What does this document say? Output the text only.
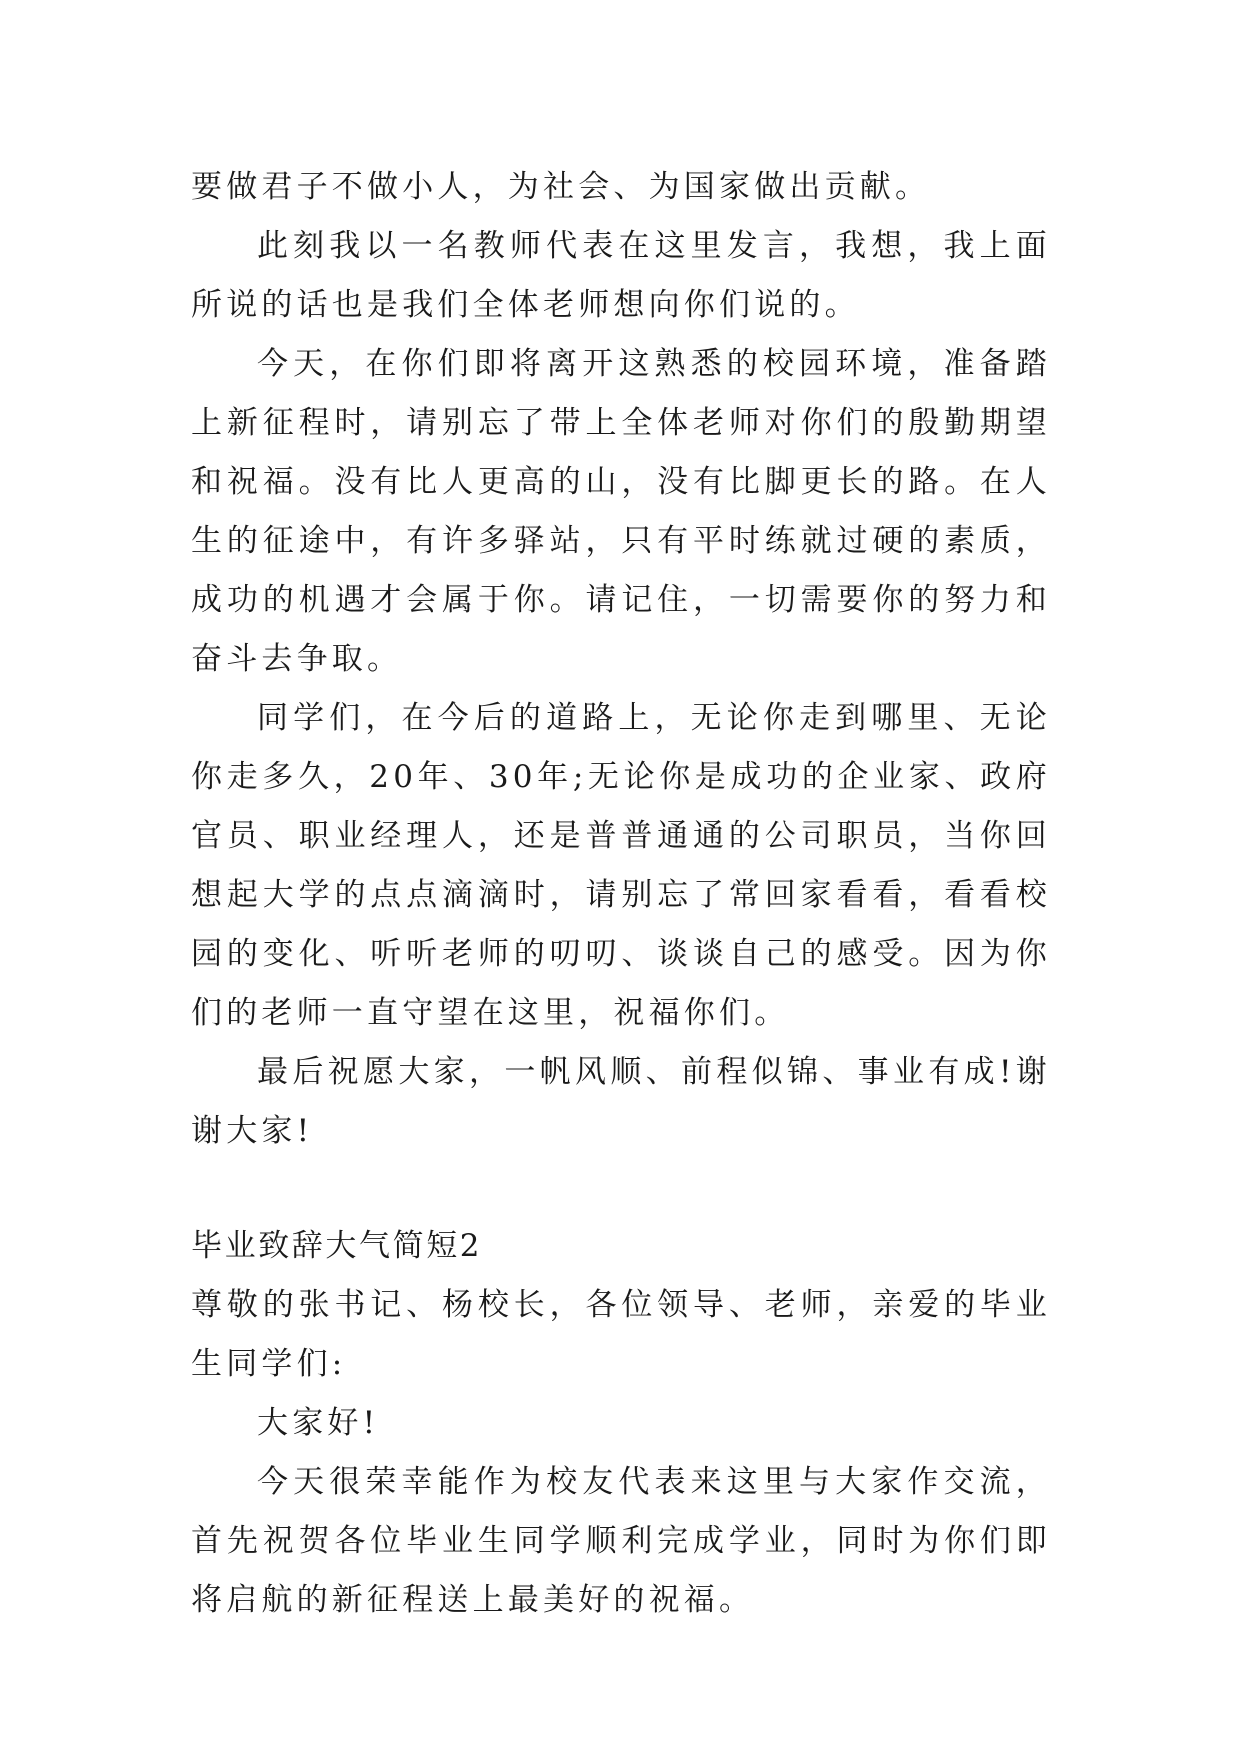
要做君子不做小人，为社会、为国家做出贡献。

此刻我以一名教师代表在这里发言，我想，我上面所说的话也是我们全体老师想向你们说的。

今天，在你们即将离开这熟悉的校园环境，准备踏上新征程时，请别忘了带上全体老师对你们的殷勤期望和祝福。没有比人更高的山，没有比脚更长的路。在人生的征途中，有许多驿站，只有平时练就过硬的素质，成功的机遇才会属于你。请记住，一切需要你的努力和奋斗去争取。

同学们，在今后的道路上，无论你走到哪里、无论你走多久，20年、30年;无论你是成功的企业家、政府官员、职业经理人，还是普普通通的公司职员，当你回想起大学的点点滴滴时，请别忘了常回家看看，看看校园的变化、听听老师的叨叨、谈谈自己的感受。因为你们的老师一直守望在这里，祝福你们。

最后祝愿大家，一帆风顺、前程似锦、事业有成!谢谢大家!

毕业致辞大气简短2

尊敬的张书记、杨校长，各位领导、老师，亲爱的毕业生同学们:

大家好!

今天很荣幸能作为校友代表来这里与大家作交流，首先祝贺各位毕业生同学顺利完成学业，同时为你们即将启航的新征程送上最美好的祝福。
